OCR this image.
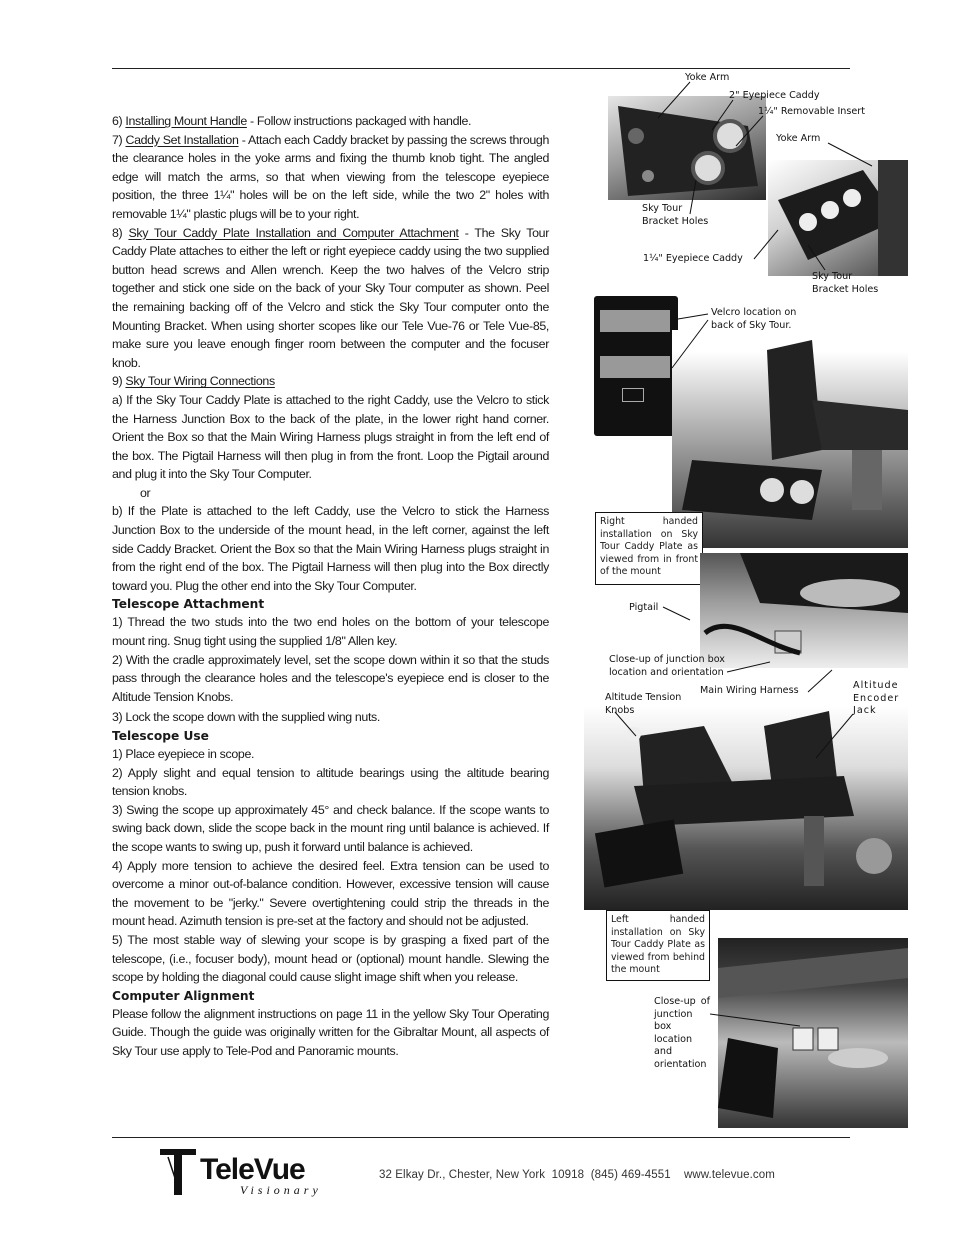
6) Installing Mount Handle - Follow instructions packaged with handle.

7) Caddy Set Installation - Attach each Caddy bracket by passing the screws through the clearance holes in the yoke arms and fixing the thumb knob tight. The angled edge will match the arms, so that when viewing from the telescope eyepiece position, the three 1¼" holes will be on the left side, while the two 2" holes with removable 1¼" plastic plugs will be to your right.

8) Sky Tour Caddy Plate Installation and Computer Attachment - The Sky Tour Caddy Plate attaches to either the left or right eyepiece caddy using the two supplied button head screws and Allen wrench. Keep the two halves of the Velcro strip together and stick one side on the back of your Sky Tour computer as shown. Peel the remaining backing off of the Velcro and stick the Sky Tour computer onto the Mounting Bracket. When using shorter scopes like our Tele Vue-76 or Tele Vue-85, make sure you leave enough finger room between the computer and the focuser knob.

9) Sky Tour Wiring Connections

a) If the Sky Tour Caddy Plate is attached to the right Caddy, use the Velcro to stick the Harness Junction Box to the back of the plate, in the lower right hand corner. Orient the Box so that the Main Wiring Harness plugs straight in from the left end of the box. The Pigtail Harness will then plug in from the front. Loop the Pigtail around and plug it into the Sky Tour Computer.

or

b) If the Plate is attached to the left Caddy, use the Velcro to stick the Harness Junction Box to the underside of the mount head, in the left corner, against the left side Caddy Bracket. Orient the Box so that the Main Wiring Harness plugs straight in from the right end of the box. The Pigtail Harness will then plug into the Box directly toward you. Plug the other end into the Sky Tour Computer.

Telescope Attachment

1) Thread the two studs into the two end holes on the bottom of your telescope mount ring. Snug tight using the supplied 1/8" Allen key.

2) With the cradle approximately level, set the scope down within it so that the studs pass through the clearance holes and the telescope's eyepiece end is closer to the Altitude Tension Knobs.

3) Lock the scope down with the supplied wing nuts.

Telescope Use

1) Place eyepiece in scope.

2) Apply slight and equal tension to altitude bearings using the altitude bearing tension knobs.

3) Swing the scope up approximately 45° and check balance. If the scope wants to swing back down, slide the scope back in the mount ring until balance is achieved. If the scope wants to swing up, push it forward until balance is achieved.

4) Apply more tension to achieve the desired feel. Extra tension can be used to overcome a minor out-of-balance condition. However, excessive tension will cause the movement to be "jerky." Severe overtightening could strip the threads in the mount head. Azimuth tension is pre-set at the factory and should not be adjusted.

5) The most stable way of slewing your scope is by grasping a fixed part of the telescope, (i.e., focuser body), mount head or (optional) mount handle. Slewing the scope by holding the diagonal could cause slight image shift when you release.

Computer Alignment

Please follow the alignment instructions on page 11 in the yellow Sky Tour Operating Guide. Though the guide was originally written for the Gibraltar Mount, all aspects of Sky Tour use apply to Tele-Pod and Panoramic mounts.

Right handed installation on Sky Tour Caddy Plate as viewed from in front of the mount
Left handed installation on Sky Tour Caddy Plate as viewed from behind the mount
Yoke Arm
2" Eyepiece Caddy
1¼" Removable Insert
Yoke Arm
Sky Tour
Bracket Holes
1¼" Eyepiece Caddy
Sky Tour
Bracket Holes
Velcro location on
back of Sky Tour.
Pigtail
Close-up of junction box
location and orientation
Main Wiring Harness
Altitude Tension
Knobs
Altitude
Encoder
Jack
Close-up of junction box location and orientation
TeleVue
Visionary
32 Elkay Dr., Chester, New York  10918  (845) 469-4551    www.televue.com
